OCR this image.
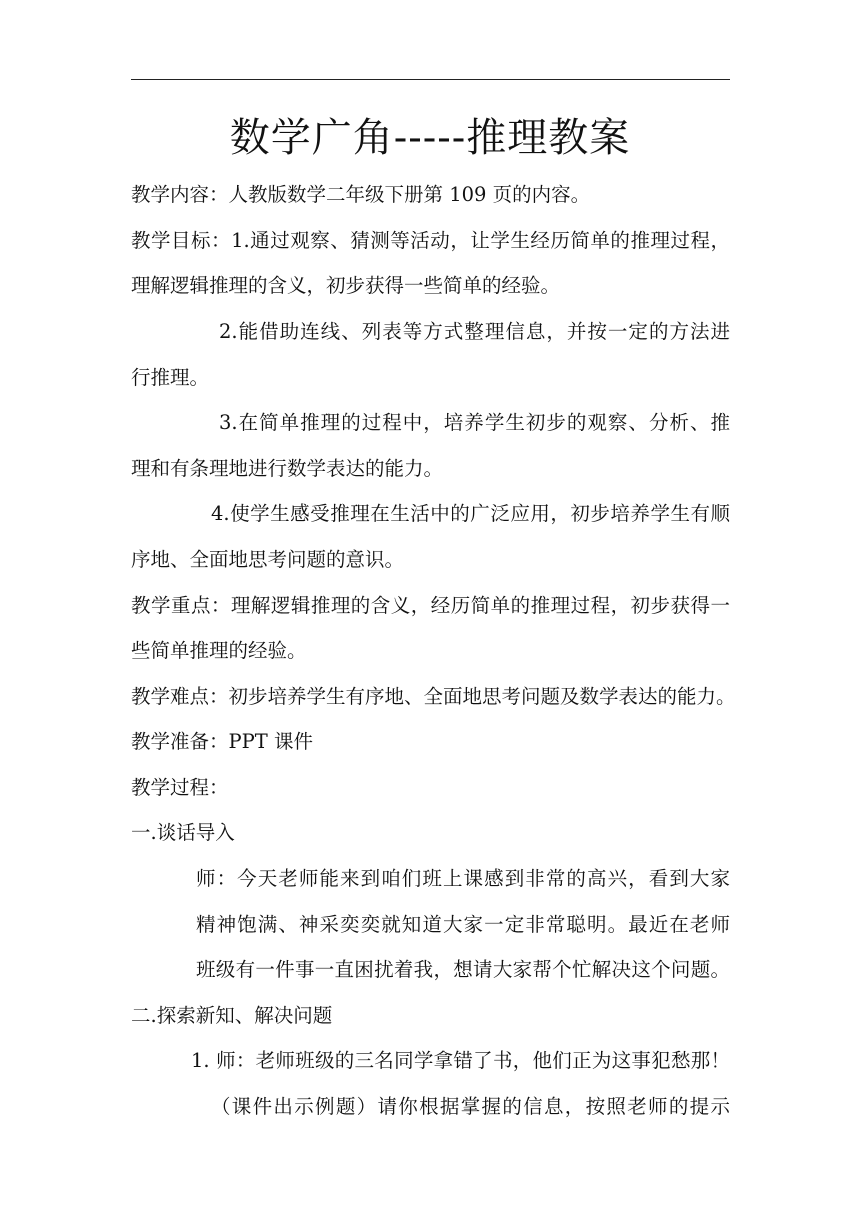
数学广角-----推理教案
教学内容：人教版数学二年级下册第 109 页的内容。
教学目标：1.通过观察、猜测等活动，让学生经历简单的推理过程，
理解逻辑推理的含义，初步获得一些简单的经验。
2.能借助连线、列表等方式整理信息，并按一定的方法进
行推理。
3.在简单推理的过程中，培养学生初步的观察、分析、推
理和有条理地进行数学表达的能力。
4.使学生感受推理在生活中的广泛应用，初步培养学生有顺
序地、全面地思考问题的意识。
教学重点：理解逻辑推理的含义，经历简单的推理过程，初步获得一
些简单推理的经验。
教学难点：初步培养学生有序地、全面地思考问题及数学表达的能力。
教学准备：PPT 课件
教学过程：
一.谈话导入
师：今天老师能来到咱们班上课感到非常的高兴，看到大家
精神饱满、神采奕奕就知道大家一定非常聪明。最近在老师
班级有一件事一直困扰着我，想请大家帮个忙解决这个问题。
二.探索新知、解决问题
1. 师：老师班级的三名同学拿错了书，他们正为这事犯愁那！
（课件出示例题）请你根据掌握的信息，按照老师的提示
